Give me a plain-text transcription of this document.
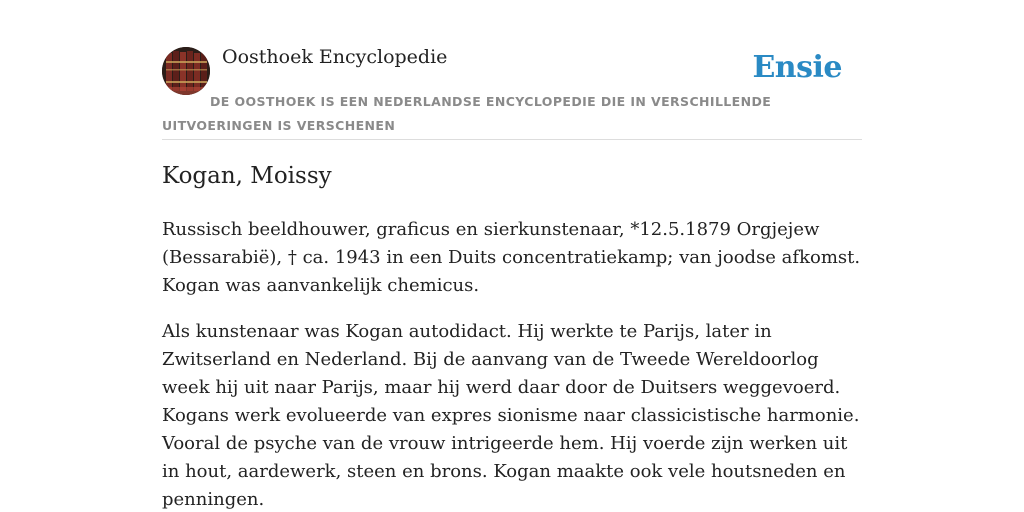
Oosthoek Encyclopedie	Ensie
DE OOSTHOEK IS EEN NEDERLANDSE ENCYCLOPEDIE DIE IN VERSCHILLENDE UITVOERINGEN IS VERSCHENEN
Kogan, Moissy

Russisch beeldhouwer, graficus en sierkunstenaar, *12.5.1879 Orgjejew (Bessarabië), † ca. 1943 in een Duits concentratiekamp; van joodse afkomst. Kogan was aanvankelijk chemicus.

Als kunstenaar was Kogan autodidact. Hij werkte te Parijs, later in Zwitserland en Nederland. Bij de aanvang van de Tweede Wereldoorlog week hij uit naar Parijs, maar hij werd daar door de Duitsers weggevoerd. Kogans werk evolueerde van expres sionisme naar classicistische harmonie. Vooral de psyche van de vrouw intrigeerde hem. Hij voerde zijn werken uit in hout, aardewerk, steen en brons. Kogan maakte ook vele houtsneden en penningen.
